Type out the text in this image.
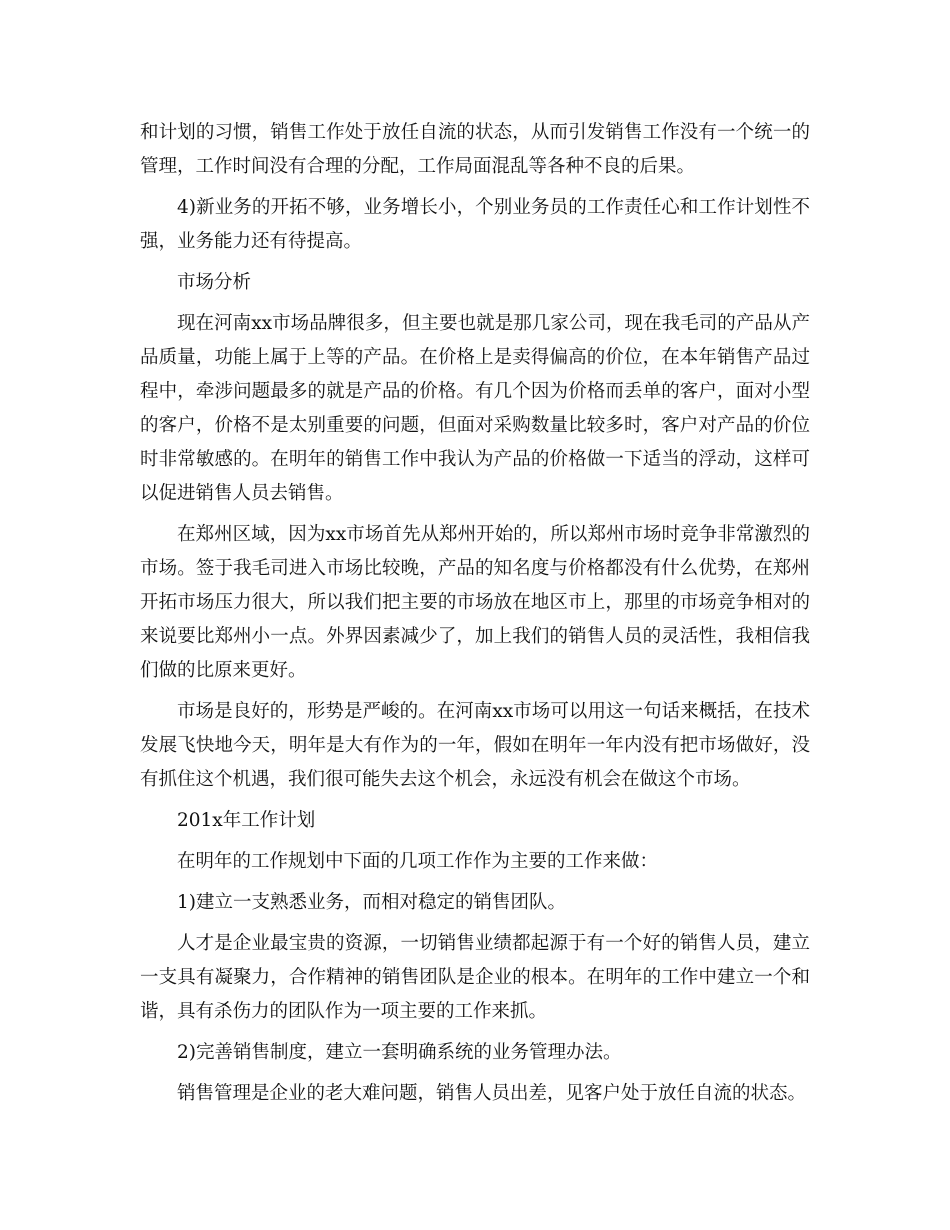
和计划的习惯，销售工作处于放任自流的状态，从而引发销售工作没有一个统一的管理，工作时间没有合理的分配，工作局面混乱等各种不良的后果。

4)新业务的开拓不够，业务增长小，个别业务员的工作责任心和工作计划性不强，业务能力还有待提高。

市场分析

现在河南xx市场品牌很多，但主要也就是那几家公司，现在我毛司的产品从产品质量，功能上属于上等的产品。在价格上是卖得偏高的价位，在本年销售产品过程中，牵涉问题最多的就是产品的价格。有几个因为价格而丢单的客户，面对小型的客户，价格不是太别重要的问题，但面对采购数量比较多时，客户对产品的价位时非常敏感的。在明年的销售工作中我认为产品的价格做一下适当的浮动，这样可以促进销售人员去销售。

在郑州区域，因为xx市场首先从郑州开始的，所以郑州市场时竞争非常激烈的市场。签于我毛司进入市场比较晚，产品的知名度与价格都没有什么优势，在郑州开拓市场压力很大，所以我们把主要的市场放在地区市上，那里的市场竞争相对的来说要比郑州小一点。外界因素减少了，加上我们的销售人员的灵活性，我相信我们做的比原来更好。

市场是良好的，形势是严峻的。在河南xx市场可以用这一句话来概括，在技术发展飞快地今天，明年是大有作为的一年，假如在明年一年内没有把市场做好，没有抓住这个机遇，我们很可能失去这个机会，永远没有机会在做这个市场。

201x年工作计划

在明年的工作规划中下面的几项工作作为主要的工作来做：

1)建立一支熟悉业务，而相对稳定的销售团队。

人才是企业最宝贵的资源，一切销售业绩都起源于有一个好的销售人员，建立一支具有凝聚力，合作精神的销售团队是企业的根本。在明年的工作中建立一个和谐，具有杀伤力的团队作为一项主要的工作来抓。

2)完善销售制度，建立一套明确系统的业务管理办法。

销售管理是企业的老大难问题，销售人员出差，见客户处于放任自流的状态。
